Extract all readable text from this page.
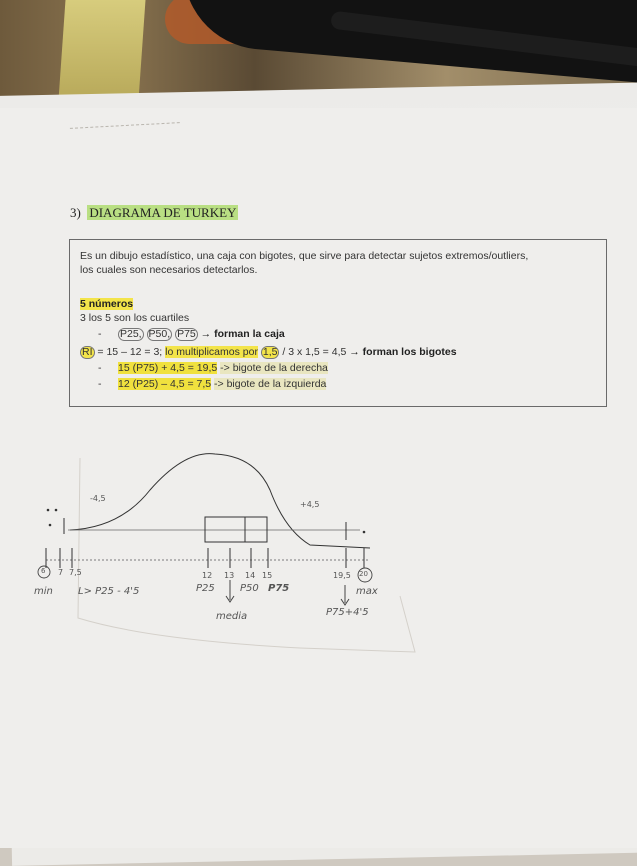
3) DIAGRAMA DE TURKEY
Es un dibujo estadístico, una caja con bigotes, que sirve para detectar sujetos extremos/outliers,
los cuales son necesarios detectarlos.
5 números
3 los 5 son los cuartiles
- P25, P50, P75 → forman la caja
RI = 15 – 12 = 3; lo multiplicamos por 1,5 / 3 x 1,5 = 4,5 → forman los bigotes
- 15 (P75) + 4,5 = 19,5 -> bigote de la derecha
- 12 (P25) – 4,5 = 7,5 -> bigote de la izquierda
-4,5
+4,5
7 7,5	12 13 14 15	19,5
6	20
min	L> P25 - 4'5	P25	P50 P75
media
max
P75+4'5
